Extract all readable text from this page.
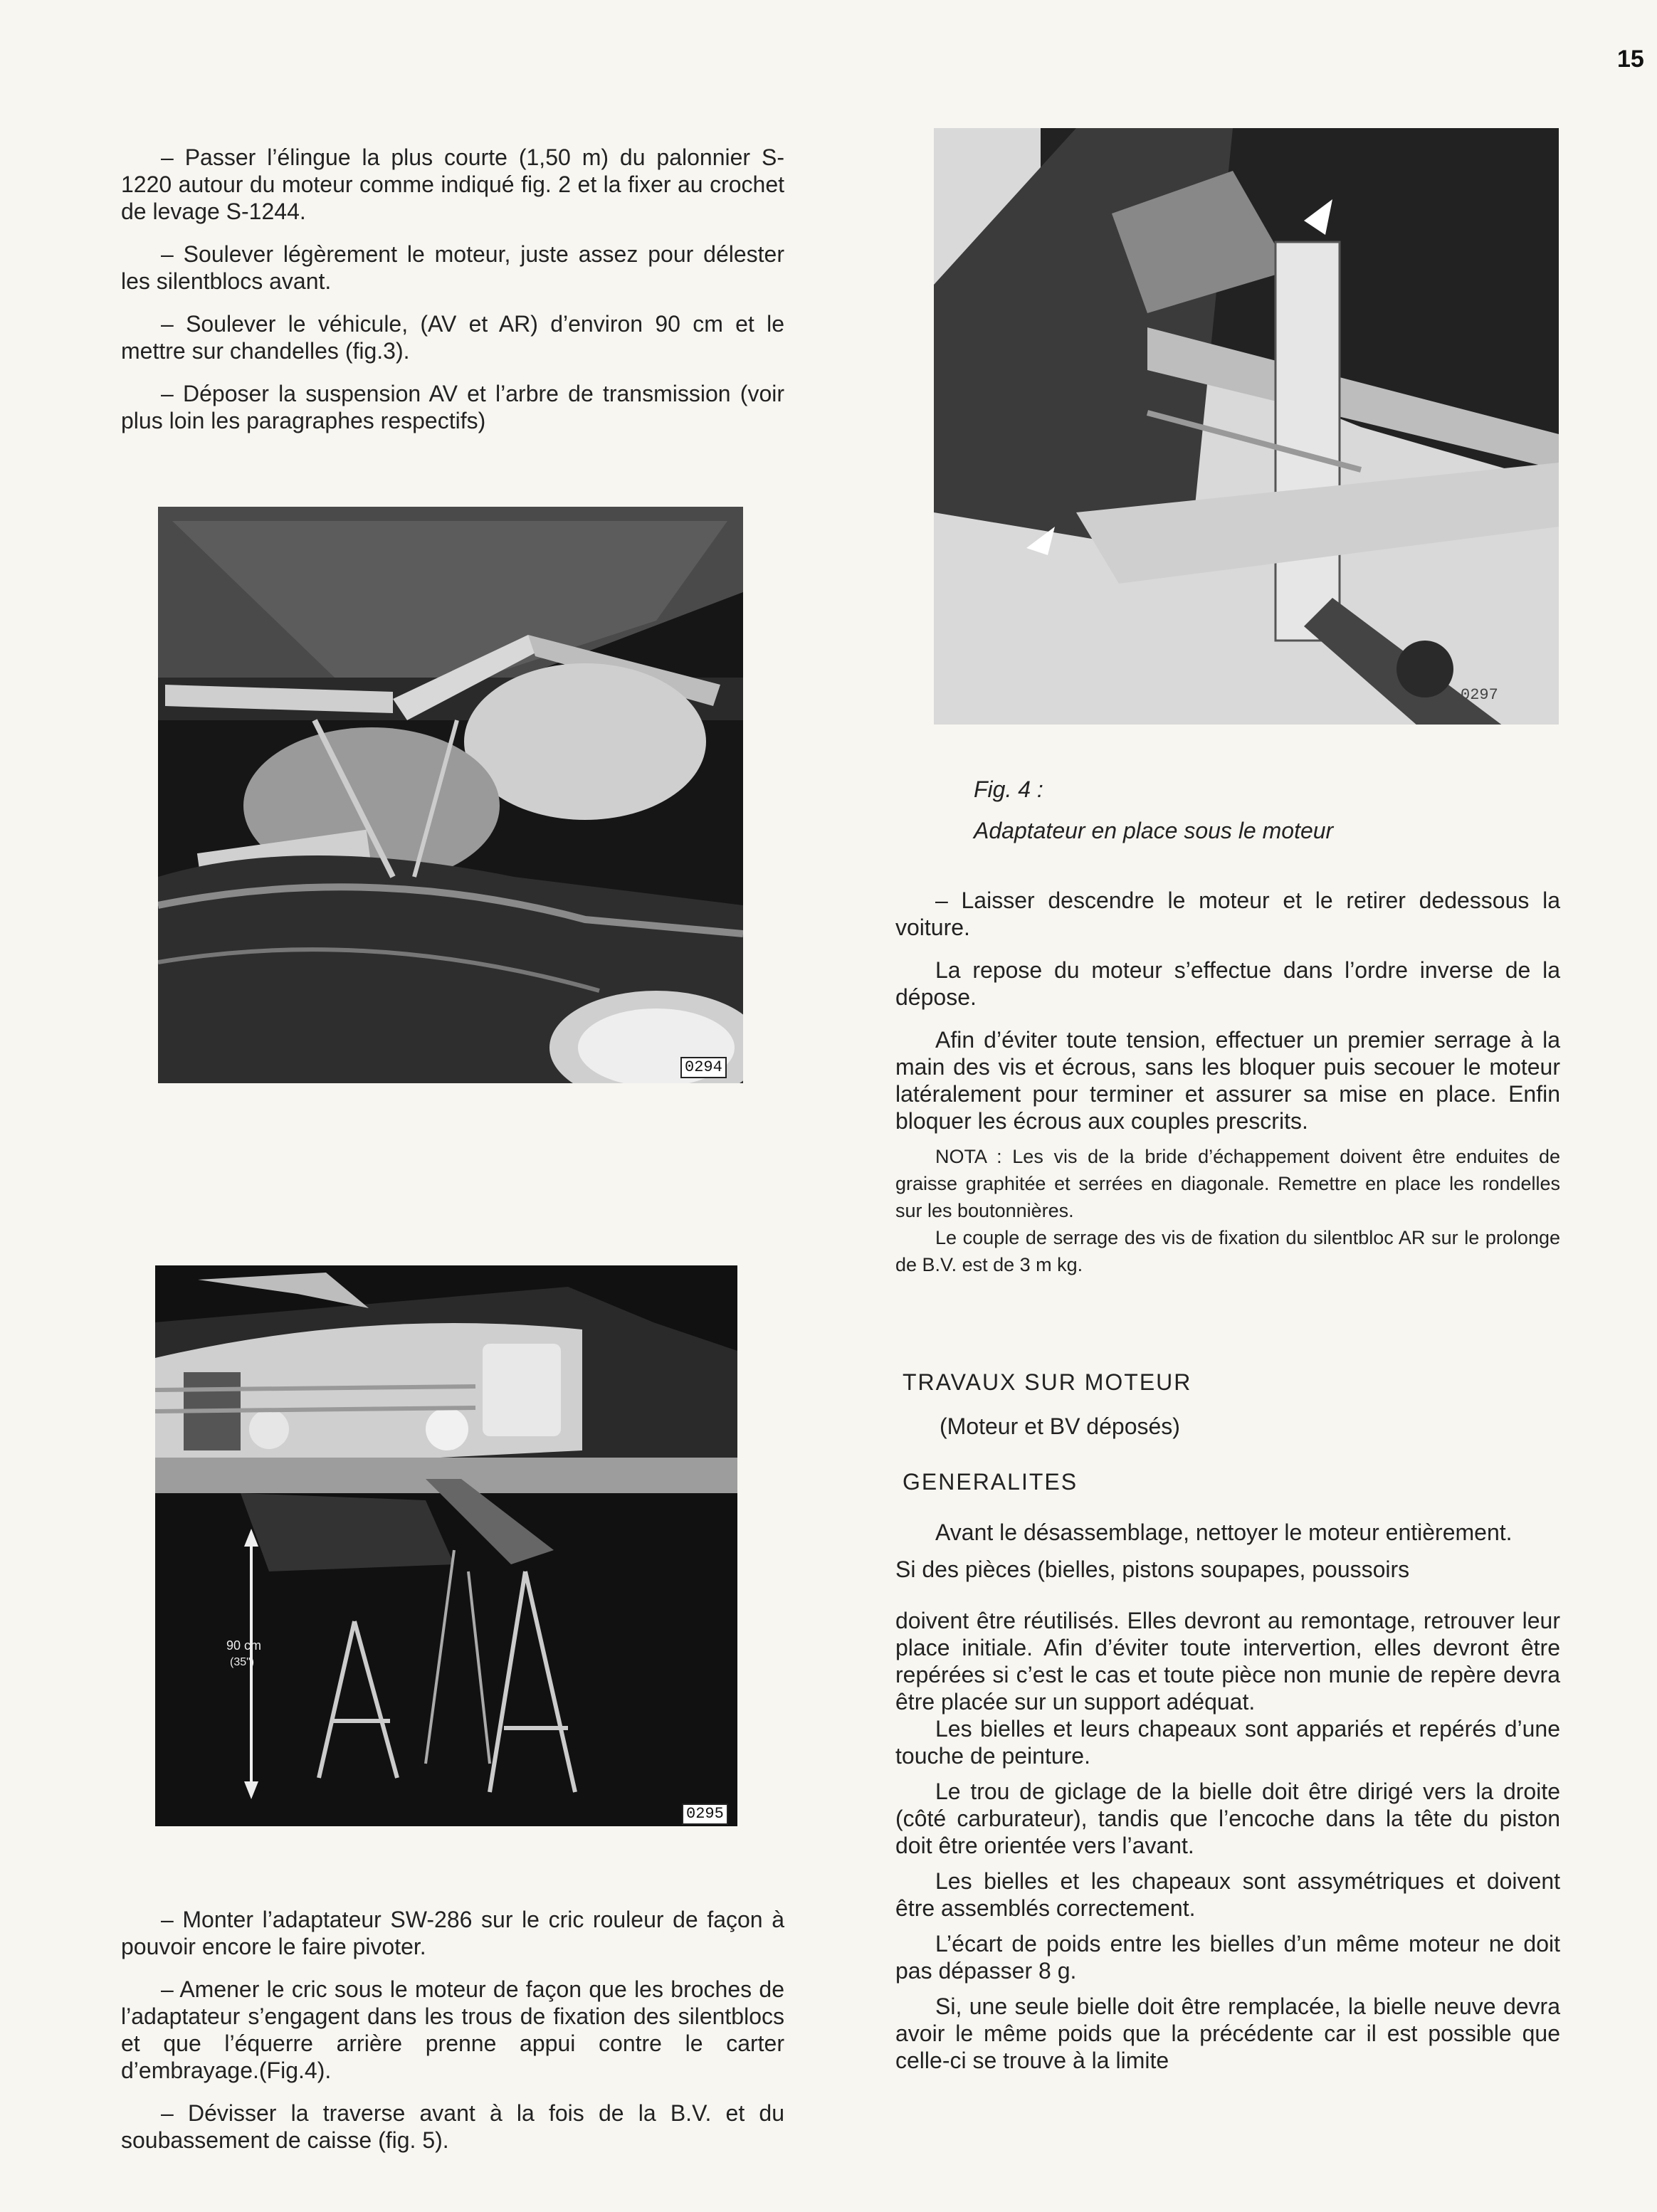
15

– Passer l’élingue la plus courte (1,50 m) du palonnier S-1220 autour du moteur comme indiqué fig. 2 et la fixer au crochet de levage S-1244.

– Soulever légèrement le moteur, juste assez pour délester les silentblocs avant.

– Soulever le véhicule, (AV et AR) d’environ 90 cm et le mettre sur chandelles (fig.3).

– Déposer la suspension AV et l’arbre de transmission (voir plus loin les paragraphes respectifs)

0294
90 cm
(35")
0295

– Monter l’adaptateur SW-286 sur le cric rouleur de façon à pouvoir encore le faire pivoter.

– Amener le cric sous le moteur de façon que les broches de l’adaptateur s’engagent dans les trous de fixation des silentblocs et que l’équerre arrière prenne appui contre le carter d’embrayage.(Fig.4).

– Dévisser la traverse avant à la fois de la B.V. et du soubassement de caisse (fig. 5).

0297
Fig. 4 :
Adaptateur en place sous le moteur

– Laisser descendre le moteur et le retirer dedessous la voiture.

La repose du moteur s’effectue dans l’ordre inverse de la dépose.

Afin d’éviter toute tension, effectuer un premier serrage à la main des vis et écrous, sans les bloquer puis secouer le moteur latéralement pour terminer et assurer sa mise en place. Enfin bloquer les écrous aux couples prescrits.

NOTA : Les vis de la bride d’échappement doivent être enduites de graisse graphitée et serrées en diagonale. Remettre en place les rondelles sur les boutonnières.

Le couple de serrage des vis de fixation du silentbloc AR sur le prolonge de B.V. est de 3 m kg.

TRAVAUX SUR MOTEUR
(Moteur et BV déposés)
GENERALITES

Avant le désassemblage, nettoyer le moteur entièrement.

Si des pièces (bielles, pistons soupapes, poussoirs

doivent être réutilisés. Elles devront au remontage, retrouver leur place initiale. Afin d’éviter toute intervertion, elles devront être repérées si c’est le cas et toute pièce non munie de repère devra être placée sur un support adéquat.

Les bielles et leurs chapeaux sont appariés et repérés d’une touche de peinture.

Le trou de giclage de la bielle doit être dirigé vers la droite (côté carburateur), tandis que l’encoche dans la tête du piston doit être orientée vers l’avant.

Les bielles et les chapeaux sont assymétriques et doivent être assemblés correctement.

L’écart de poids entre les bielles d’un même moteur ne doit pas dépasser 8 g.

Si, une seule bielle doit être remplacée, la bielle neuve devra avoir le même poids que la précédente car il est possible que celle-ci se trouve à la limite
